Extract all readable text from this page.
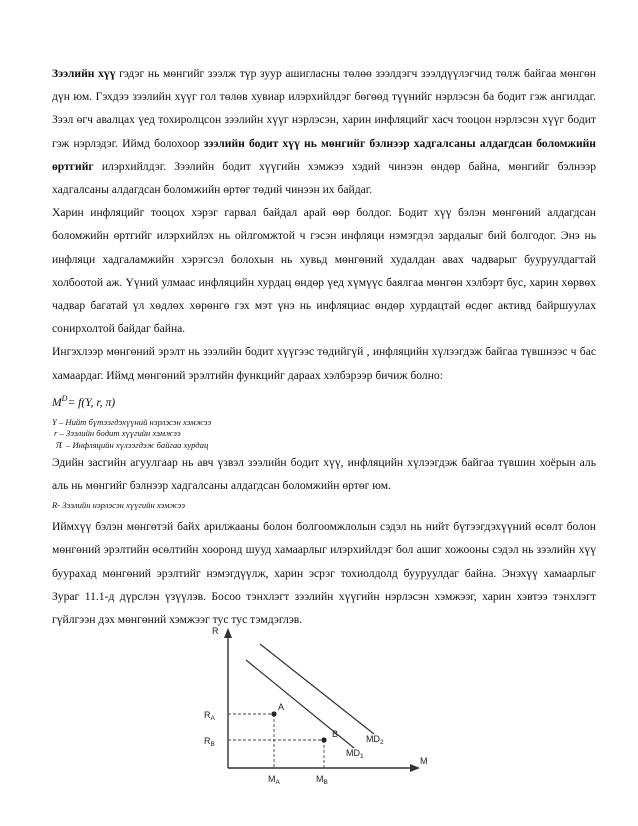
Зээлийн хүү гэдэг нь мөнгийг зээлж түр зуур ашигласны төлөө зээлдэгч зээлдүүлэгчид төлж байгаа мөнгөн дүн юм. Гэхдээ зээлийн хүүг гол төлөв хувиар илэрхийлдэг бөгөөд түүнийг нэрлэсэн ба бодит гэж ангилдаг. Зээл өгч авалцах үед тохиролцсон зээлийн хүүг нэрлэсэн, харин инфляцийг хасч тооцон нэрлэсэн хүүг бодит гэж нэрлэдэг. Иймд болохоор зээлийн бодит хүү нь мөнгийг бэлнээр хадгалсаны алдагдсан боломжийн өртгийг илэрхийлдэг. Зээлийн бодит хүүгийн хэмжээ хэдий чинээн өндөр байна, мөнгийг бэлнээр хадгалсаны алдагдсан боломжийн өртөг төдий чинээн их байдаг.

Харин инфляцийг тооцох хэрэг гарвал байдал арай өөр болдог. Бодит хүү бэлэн мөнгөний алдагдсан боломжийн өртгийг илэрхийлэх нь ойлгомжтой ч гэсэн инфляци нэмэгдэл зардалыг бий болгодог. Энэ нь инфляци хадгаламжийн хэрэгсэл болохын нь хувьд мөнгөний худалдан авах чадварыг бууруулдагтай холбоотой аж. Үүний улмаас инфляцийн хурдац өндөр үед хүмүүс баялгаа мөнгөн хэлбэрт бус, харин хөрвөх чадвар багатай үл хөдлөх хөрөнгө гэх мэт үнэ нь инфляциас өндөр хурдацтай өсдөг активд байршуулах сонирхолтой байдаг байна.

Ингэхлээр мөнгөний эрэлт нь зээлийн бодит хүүгээс төдийгүй , инфляцийн хүлээгдэж байгаа түвшнээс ч бас хамаардаг. Иймд мөнгөний эрэлтийн функцийг дараах хэлбэрээр бичиж болно:

$M^D= f(Y$, r, π)

Y – Нийт бүтээгдэхүүний нэрлэсэн хэмжээ

r – Зээлийн бодит хүүгийн хэмжээ

π – Инфляцийн хүлээгдэж байгаа хурдац

Эдийн засгийн агуулгаар нь авч үзвэл зээлийн бодит хүү, инфляцийн хүлээгдэж байгаа түвшин хоёрын аль аль нь мөнгийг бэлнээр хадгалсаны алдагдсан боломжийн өртөг юм.

R- Зээлийн нэрлэсэн хүүгийн хэмжээ

Иймхүү бэлэн мөнгөтэй байх арилжааны болон болгоомжлолын сэдэл нь нийт бүтээгдэхүүний өсөлт болон мөнгөний эрэлтийн өсөлтийн хооронд шууд хамаарлыг илэрхийлдэг бол ашиг хожооны сэдэл нь зээлийн хүү буурахад мөнгөний эрэлтийг нэмэгдүүлж, харин эсрэг тохиолдолд бууруулдаг байна. Энэхүү хамаарлыг Зураг 11.1-д дүрслэн үзүүлэв. Босоо тэнхлэгт зээлийн хүүгийн нэрлэсэн хэмжээг, харин хэвтээ тэнхлэгт гүйлгээн дэх мөнгөний хэмжээг тус тус тэмдэглэв.

R
M
$R_A$
$R_B$
$M_A$	$M_B$
A
B	$MD_2$
$MD_1$
